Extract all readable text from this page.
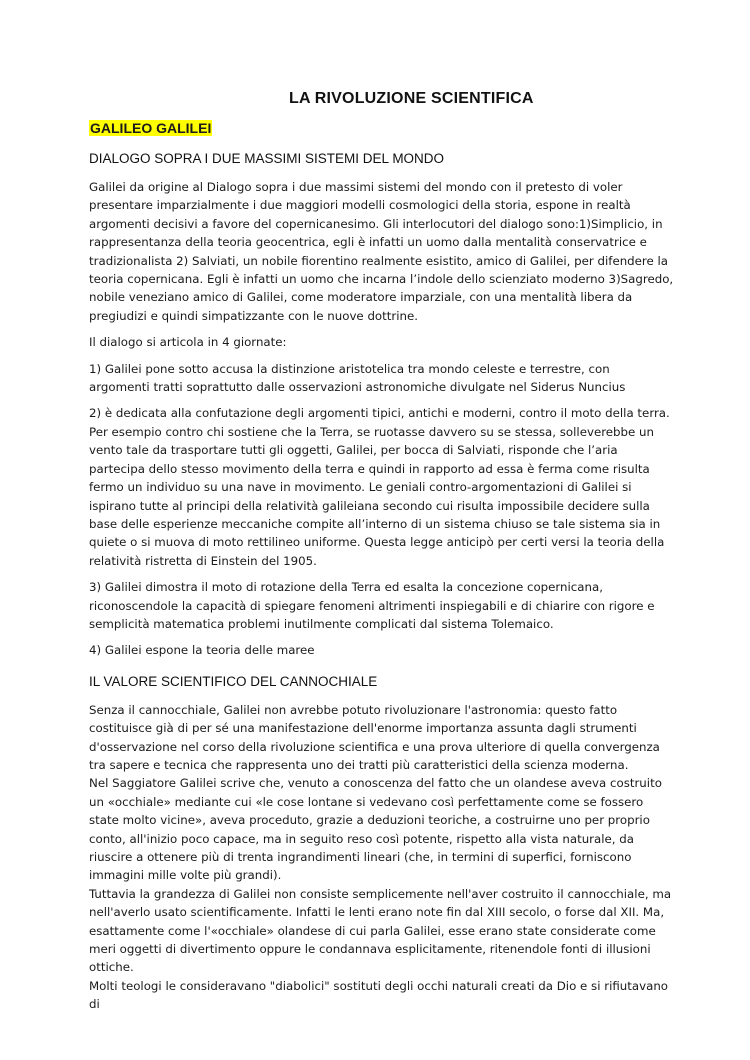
LA RIVOLUZIONE SCIENTIFICA
GALILEO GALILEI
DIALOGO SOPRA I DUE MASSIMI SISTEMI DEL MONDO

Galilei da origine al Dialogo sopra i due massimi sistemi del mondo con il pretesto di voler presentare imparzialmente i due maggiori modelli cosmologici della storia, espone in realtà argomenti decisivi a favore del copernicanesimo. Gli interlocutori del dialogo sono:1)Simplicio, in rappresentanza della teoria geocentrica, egli è infatti un uomo dalla mentalità conservatrice e tradizionalista 2) Salviati, un nobile fiorentino realmente esistito, amico di Galilei, per difendere la teoria copernicana. Egli è infatti un uomo che incarna l’indole dello scienziato moderno 3)Sagredo, nobile veneziano amico di Galilei, come moderatore imparziale, con una mentalità libera da pregiudizi e quindi simpatizzante con le nuove dottrine.

Il dialogo si articola in 4 giornate:

1) Galilei pone sotto accusa la distinzione aristotelica tra mondo celeste e terrestre, con argomenti tratti soprattutto dalle osservazioni astronomiche divulgate nel Siderus Nuncius

2) è dedicata alla confutazione degli argomenti tipici, antichi e moderni, contro il moto della terra. Per esempio contro chi sostiene che la Terra, se ruotasse davvero su se stessa, solleverebbe un vento tale da trasportare tutti gli oggetti, Galilei, per bocca di Salviati, risponde che l’aria partecipa dello stesso movimento della terra e quindi in rapporto ad essa è ferma come risulta fermo un individuo su una nave in movimento. Le geniali contro-argomentazioni di Galilei si ispirano tutte al principi della relatività galileiana secondo cui risulta impossibile decidere sulla base delle esperienze meccaniche compite all’interno di un sistema chiuso se tale sistema sia in quiete o si muova di moto rettilineo uniforme. Questa legge anticipò per certi versi la teoria della relatività ristretta di Einstein del 1905.

3) Galilei dimostra il moto di rotazione della Terra ed esalta la concezione copernicana, riconoscendole la capacità di spiegare fenomeni altrimenti inspiegabili e di chiarire con rigore e semplicità matematica problemi inutilmente complicati dal sistema Tolemaico.

4) Galilei espone la teoria delle maree

IL VALORE SCIENTIFICO DEL CANNOCHIALE

Senza il cannocchiale, Galilei non avrebbe potuto rivoluzionare l'astronomia: questo fatto costituisce già di per sé una manifestazione dell'enorme importanza assunta dagli strumenti d'osservazione nel corso della rivoluzione scientifica e una prova ulteriore di quella convergenza tra sapere e tecnica che rappresenta uno dei tratti più caratteristici della scienza moderna.

Nel Saggiatore Galilei scrive che, venuto a conoscenza del fatto che un olandese aveva costruito un «occhiale» mediante cui «le cose lontane si vedevano così perfettamente come se fossero state molto vicine», aveva proceduto, grazie a deduzioni teoriche, a costruirne uno per proprio conto, all'inizio poco capace, ma in seguito reso così potente, rispetto alla vista naturale, da riuscire a ottenere più di trenta ingrandimenti lineari (che, in termini di superfici, forniscono immagini mille volte più grandi).

Tuttavia la grandezza di Galilei non consiste semplicemente nell'aver costruito il cannocchiale, ma nell'averlo usato scientificamente. Infatti le lenti erano note fin dal XIII secolo, o forse dal XII. Ma, esattamente come l'«occhiale» olandese di cui parla Galilei, esse erano state considerate come meri oggetti di divertimento oppure le condannava esplicitamente, ritenendole fonti di illusioni ottiche.

Molti teologi le consideravano "diabolici" sostituti degli occhi naturali creati da Dio e si rifiutavano di
